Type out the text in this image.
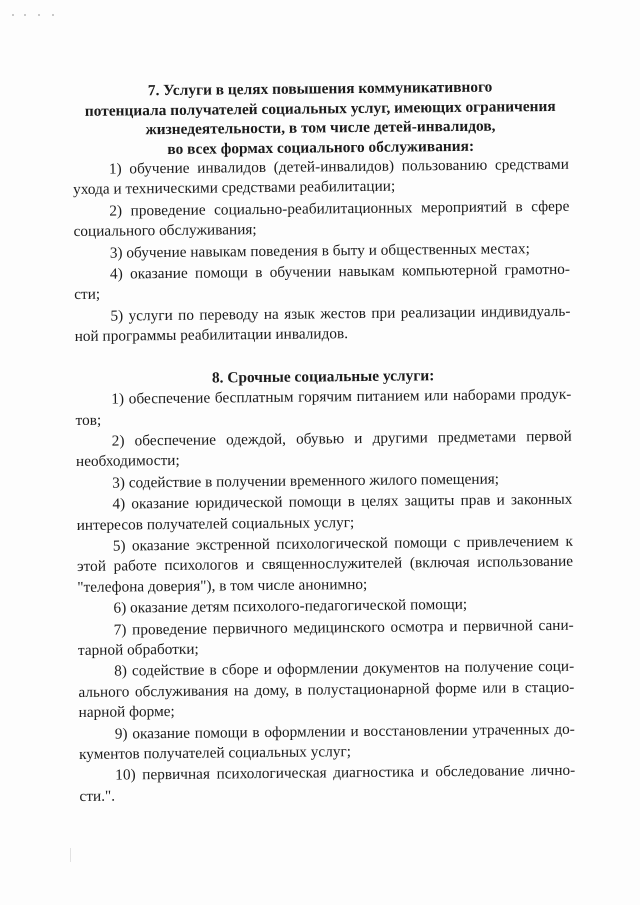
7. Услуги в целях повышения коммуникативного
потенциала получателей социальных услуг, имеющих ограничения
жизнедеятельности, в том числе детей-инвалидов,
во всех формах социального обслуживания:

1) обучение инвалидов (детей-инвалидов) пользованию средствами ухода и техническими средствами реабилитации;

2) проведение социально-реабилитационных мероприятий в сфере социального обслуживания;

3) обучение навыкам поведения в быту и общественных местах;

4) оказание помощи в обучении навыкам компьютерной грамотно-сти;

5) услуги по переводу на язык жестов при реализации индивидуаль-ной программы реабилитации инвалидов.

8. Срочные социальные услуги:

1) обеспечение бесплатным горячим питанием или наборами продук-тов;

2) обеспечение одеждой, обувью и другими предметами первой необходимости;

3) содействие в получении временного жилого помещения;

4) оказание юридической помощи в целях защиты прав и законных интересов получателей социальных услуг;

5) оказание экстренной психологической помощи с привлечением к этой работе психологов и священнослужителей (включая использование "телефона доверия"), в том числе анонимно;

6) оказание детям психолого-педагогической помощи;

7) проведение первичного медицинского осмотра и первичной сани-тарной обработки;

8) содействие в сборе и оформлении документов на получение соци-ального обслуживания на дому, в полустационарной форме или в стацио-нарной форме;

9) оказание помощи в оформлении и восстановлении утраченных до-кументов получателей социальных услуг;

10) первичная психологическая диагностика и обследование лично-сти.".
